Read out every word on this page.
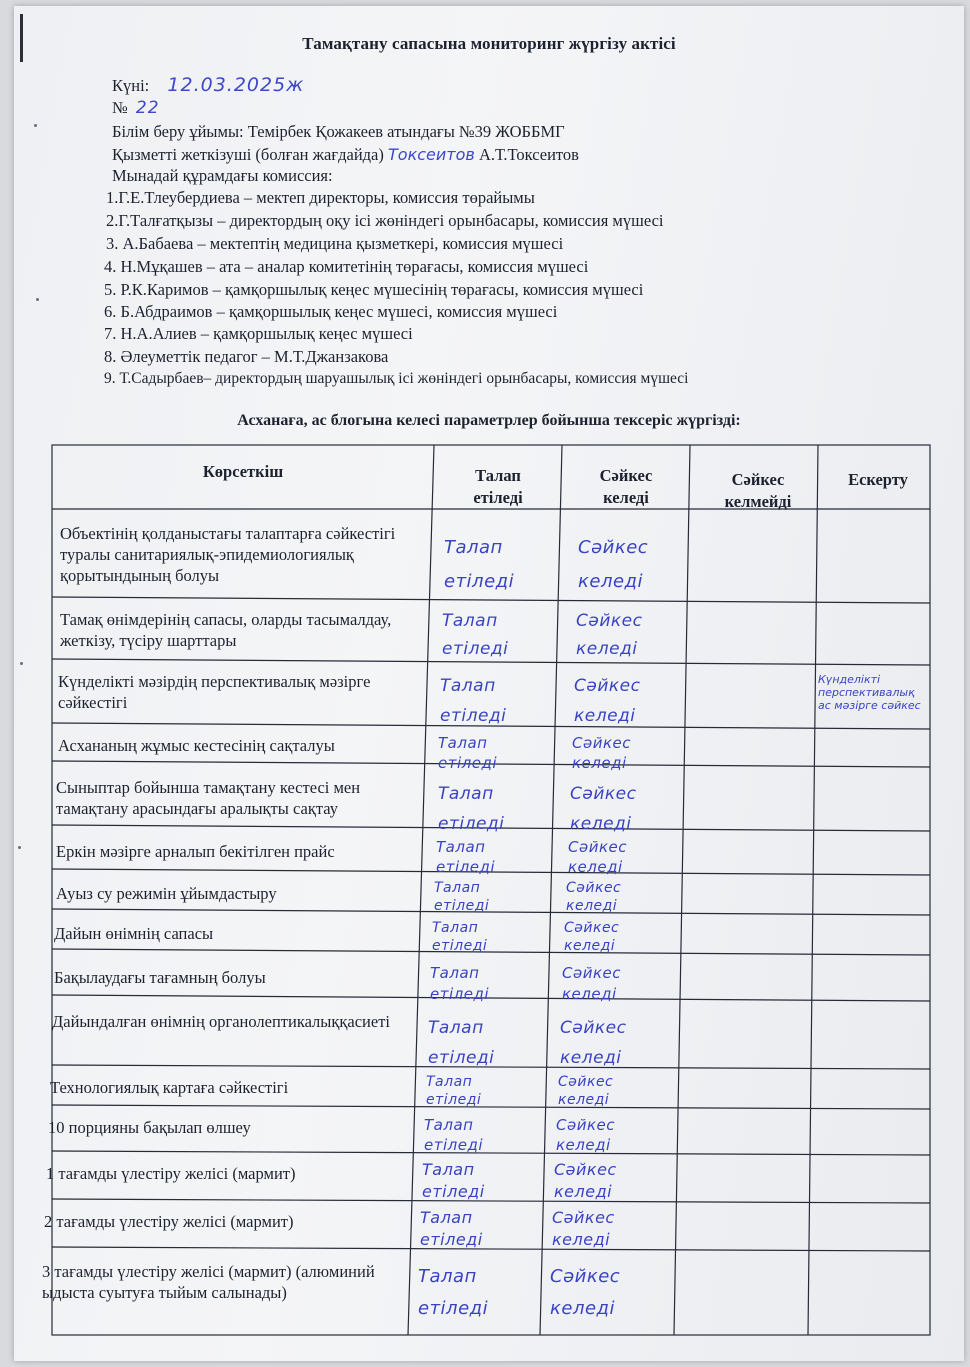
Тамақтану сапасына мониторинг жүргізу актісі
Күні: 12.03.2025ж
№ 22
Білім беру ұйымы: Темірбек Қожакеев атындағы №39 ЖОББМГ
Қызметті жеткізуші (болған жағдайда) Токсеитов А.Т.Токсеитов
Мынадай құрамдағы комиссия:
1.Г.Е.Тлеубердиева – мектеп директоры, комиссия төрайымы
2.Г.Талғатқызы – директордың оқу ісі жөніндегі орынбасары, комиссия мүшесі
3. А.Бабаева – мектептің медицина қызметкері, комиссия мүшесі
4. Н.Мұқашев – ата – аналар комитетінің төрағасы, комиссия мүшесі
5. Р.К.Каримов – қамқоршылық кеңес мүшесінің төрағасы, комиссия мүшесі
6. Б.Абдраимов – қамқоршылық кеңес мүшесі, комиссия мүшесі
7. Н.А.Алиев – қамқоршылық кеңес мүшесі
8. Әлеуметтік педагог – М.Т.Джанзакова
9. Т.Садырбаев– директордың шаруашылық ісі жөніндегі орынбасары, комиссия мүшесі
Асханаға, ас блогына келесі параметрлер бойынша тексеріс жүргізді:
Көрсеткіш	Талап етіледі
Сәйкес келеді
Сәйкес келмейді
Ескерту
Объектінің қолданыстағы талаптарға сәйкестігі туралы санитариялық-эпидемиологиялық қорытындының болуы
Тамақ өнімдерінің сапасы, оларды тасымалдау, жеткізу, түсіру шарттары
Күнделікті мәзірдің перспективалық мәзірге сәйкестігі
Асхананың жұмыс кестесінің сақталуы
Сыныптар бойынша тамақтану кестесі мен тамақтану арасындағы аралықты сақтау
Еркін мәзірге арналып бекітілген прайс
Ауыз су режимін ұйымдастыру
Дайын өнімнің сапасы
Бақылаудағы тағамның болуы
Дайындалған өнімнің органолептикалыққасиеті
Технологиялық картаға сәйкестігі
10 порцияны бақылап өлшеу
1 тағамды үлестіру желісі (мармит)
2 тағамды үлестіру желісі (мармит)
3 тағамды үлестіру желісі (мармит) (алюминий ыдыста суытуға тыйым салынады)
Күнделікті перспективалық ас мәзірге сәйкес
Талап
етіледі
Сәйкес
келеді
Талап
етіледі
Сәйкес
келеді
Талап
етіледі
Сәйкес
келеді
Талап
етіледі
Сәйкес
келеді
Талап
етіледі
Сәйкес
келеді
Талап
етіледі
Сәйкес
келеді
Талап
етіледі
Сәйкес
келеді
Талап
етіледі
Сәйкес
келеді
Талап
етіледі
Сәйкес
келеді
Талап
етіледі
Сәйкес
келеді
Талап
етіледі
Сәйкес
келеді
Талап
етіледі
Сәйкес
келеді
Талап
етіледі
Сәйкес
келеді
Талап
етіледі
Сәйкес
келеді
Талап
етіледі
Сәйкес
келеді
